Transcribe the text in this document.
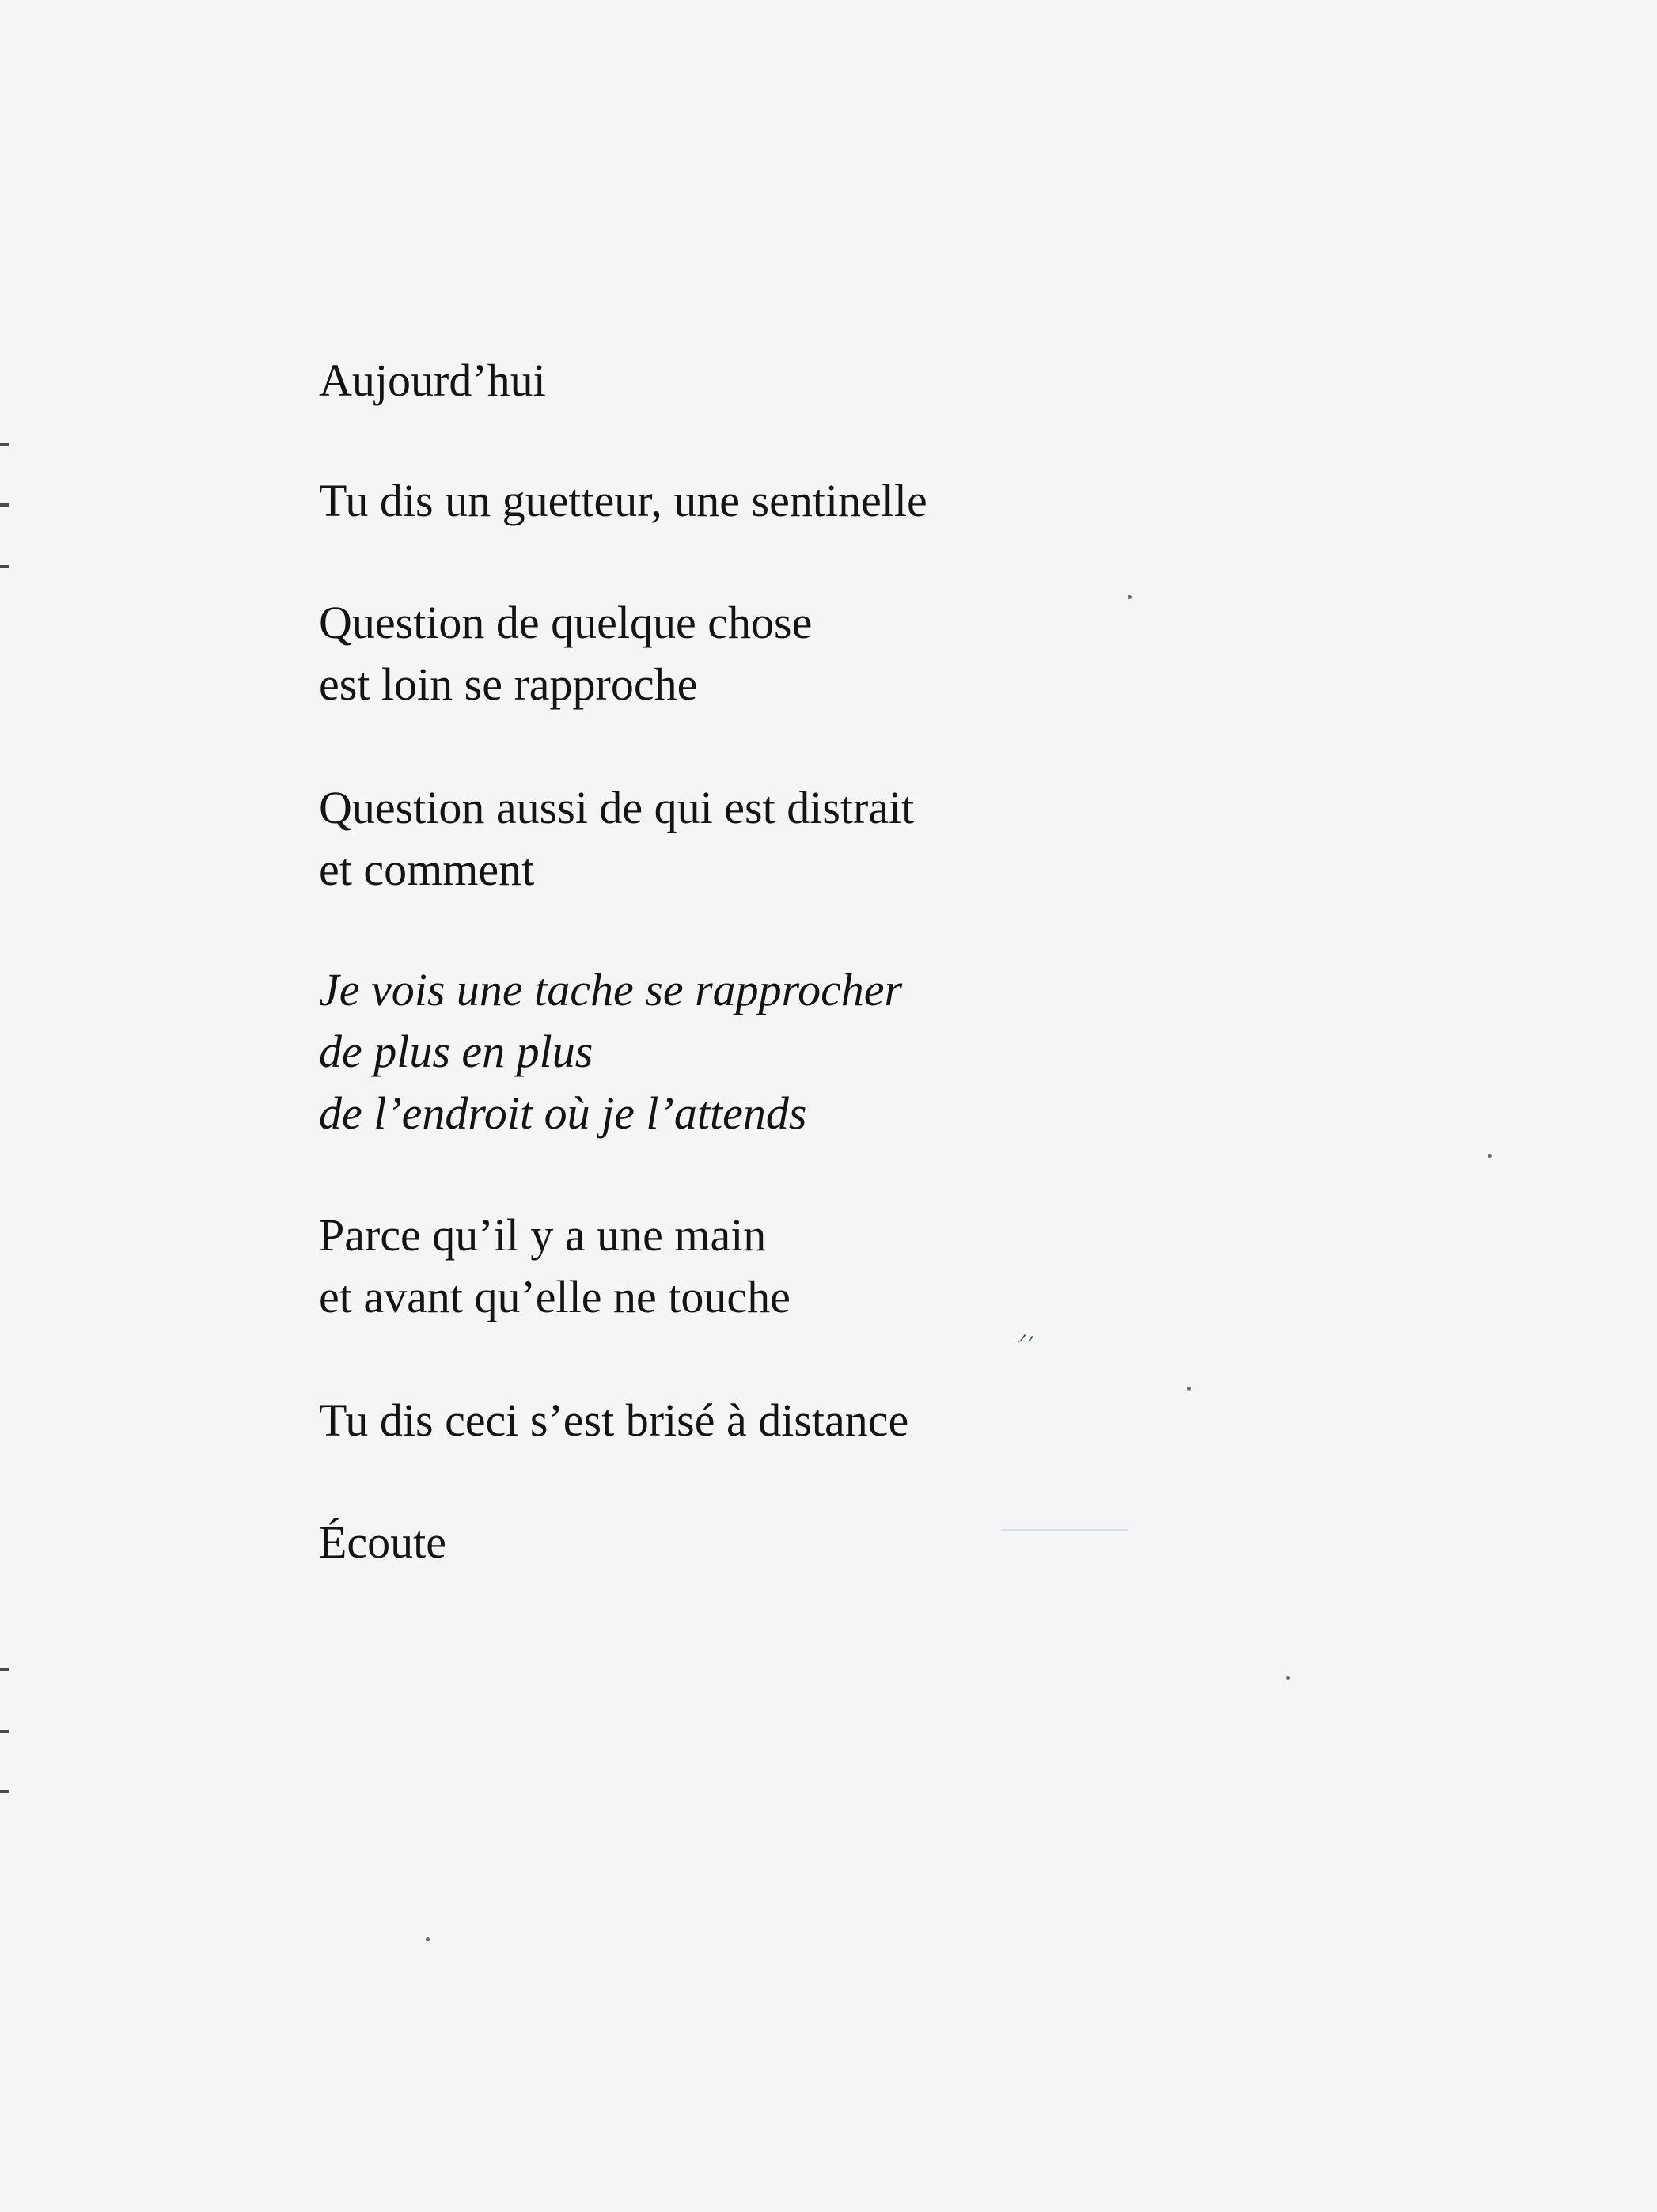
Aujourd’hui
Tu dis un guetteur, une sentinelle
Question de quelque chose
est loin se rapproche
Question aussi de qui est distrait
et comment
Je vois une tache se rapprocher
de plus en plus
de l’endroit où je l’attends
Parce qu’il y a une main
et avant qu’elle ne touche
Tu dis ceci s’est brisé à distance
Écoute
⺈
